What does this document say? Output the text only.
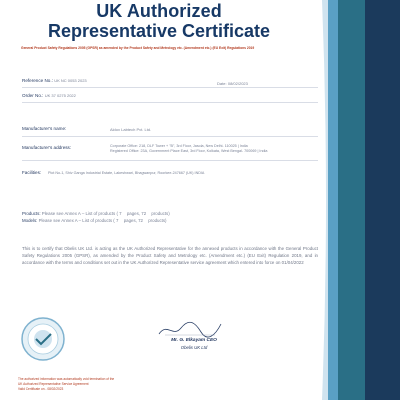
UK Authorized
Representative Certificate
General Product Safety Regulations 2005 (GPSR) as amended by the Product Safety and Metrology etc. (Amendment etc.) (EU Exit) Regulations 2019
Reference No.: UK NC 0053 2023
Date: 08/02/2023
Order No.: UK 37 0275 2022
Manufacturer's name:	Aldox Labtech Pvt. Ltd.
Manufacturer's address:	Corporate Office: 218, DLF Tower + "B", 3rd Floor, Jasola, New Delhi- 110025 | India
Registered Office: 23A, Government Place East, 3rd Floor, Kolkata, West Bengal- 700069 | India
Facilities: Plot No-1, Shiv Ganga Industrial Estate, Lakeshwari, Bhagwanpur, Roorkee-247667 (UK) INDIA
Products: Please see Annex A – List of products ( 7 pages, 72 products)
Models: Please see Annex A – List of products ( 7 pages, 72 products)
This is to certify that Obelis UK Ltd. is acting as the UK Authorized Representative for the annexed products in accordance with the General Product Safety Regulations 2005 (GPSR), as amended by the Product Safety and Metrology etc. (Amendment etc.) (EU Exit) Regulation 2019, and in accordance with the terms and conditions set out in the UK Authorized Representative service agreement which entered into force on 01/04/2022
Mr. G. Elkayam CEO
Obelis UK Ltd
The authorized information was automatically void termination of the
UK Authorized Representative Service Agreement
Valid Certificate on - 08/02/2023
